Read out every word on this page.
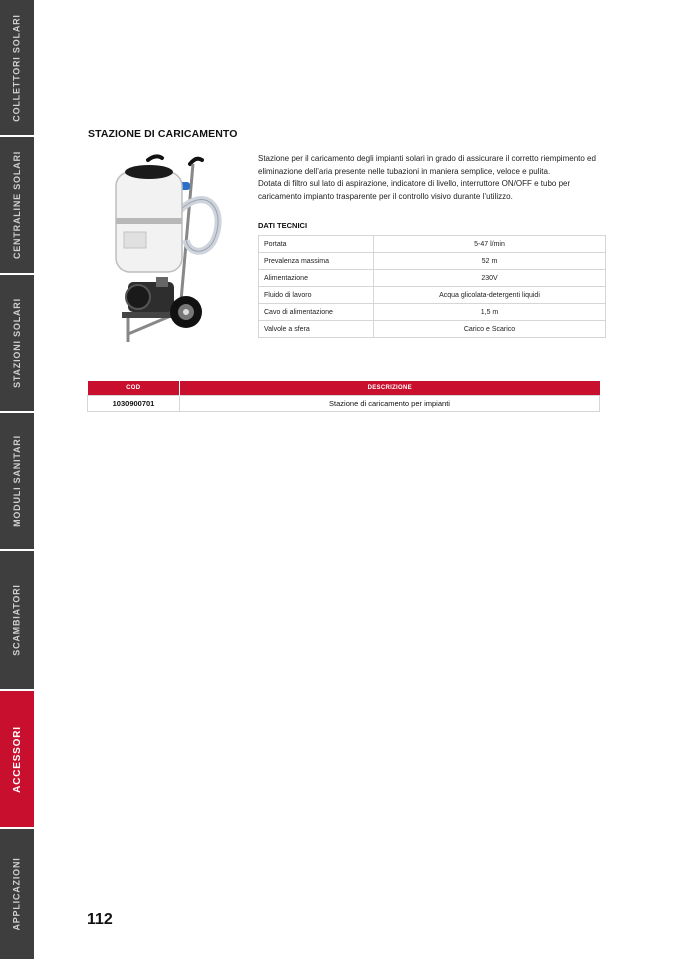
COLLETTORI SOLARI
CENTRALINE SOLARI
STAZIONI SOLARI
MODULI SANITARI
SCAMBIATORI
ACCESSORI
APPLICAZIONI
STAZIONE DI CARICAMENTO

Stazione per il caricamento degli impianti solari in grado di assicurare il corretto riempimento ed eliminazione dell’aria presente nelle tubazioni in maniera semplice, veloce e pulita.

Dotata di filtro sul lato di aspirazione, indicatore di livello, interruttore ON/OFF e tubo per caricamento impianto trasparente per il controllo visivo durante l’utilizzo.

DATI TECNICI
Portata	5-47 l/min
Prevalenza massima	52 m
Alimentazione	230V
Fluido di lavoro	Acqua glicolata-detergenti liquidi
Cavo di alimentazione	1,5 m
Valvole a sfera	Carico e Scarico
COD	DESCRIZIONE
1030900701	Stazione di caricamento per impianti
112
